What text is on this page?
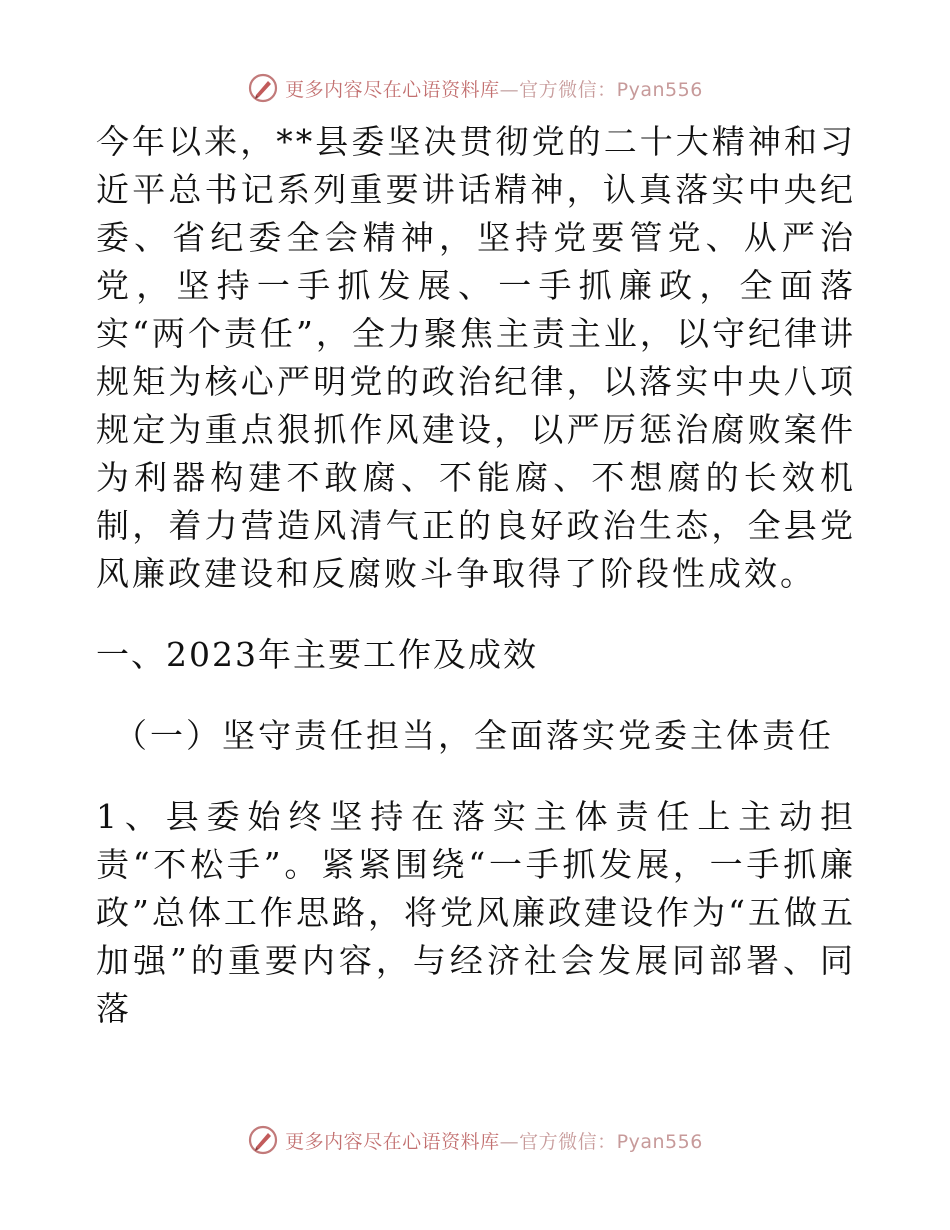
更多内容尽在心语资料库—官方微信：Pyan556

今年以来，**县委坚决贯彻党的二十大精神和习近平总书记系列重要讲话精神，认真落实中央纪委、省纪委全会精神，坚持党要管党、从严治党，坚持一手抓发展、一手抓廉政，全面落实“两个责任”，全力聚焦主责主业，以守纪律讲规矩为核心严明党的政治纪律，以落实中央八项规定为重点狠抓作风建设，以严厉惩治腐败案件为利器构建不敢腐、不能腐、不想腐的长效机制，着力营造风清气正的良好政治生态，全县党风廉政建设和反腐败斗争取得了阶段性成效。

一、2023年主要工作及成效

（一）坚守责任担当，全面落实党委主体责任

1、县委始终坚持在落实主体责任上主动担责“不松手”。紧紧围绕“一手抓发展，一手抓廉政”总体工作思路，将党风廉政建设作为“五做五加强”的重要内容，与经济社会发展同部署、同落

更多内容尽在心语资料库—官方微信：Pyan556
